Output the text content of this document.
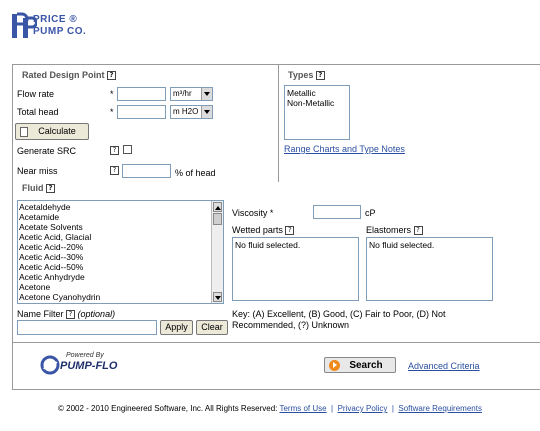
PRICE ®
PUMP CO.
Rated Design Point ?
Flow rate	*	m³/hr
Total head	*	m H2O
Calculate
Generate SRC	?
Near miss	?	% of head
Types ?
Metallic
Non-Metallic
Range Charts and Type Notes
Fluid ?
Acetaldehyde
Acetamide
Acetate Solvents
Acetic Acid, Glacial
Acetic Acid--20%
Acetic Acid--30%
Acetic Acid--50%
Acetic Anhydryde
Acetone
Acetone Cyanohydrin
Name Filter ? (optional)
Apply	Clear
Viscosity *	cP
Wetted parts ?
No fluid selected.
Elastomers ?
No fluid selected.
Key: (A) Excellent, (B) Good, (C) Fair to Poor, (D) Not Recommended, (?) Unknown
Powered By
PUMP-FLO	Search	Advanced Criteria
© 2002 - 2010 Engineered Software, Inc. All Rights Reserved: Terms of Use | Privacy Policy | Software Requirements
